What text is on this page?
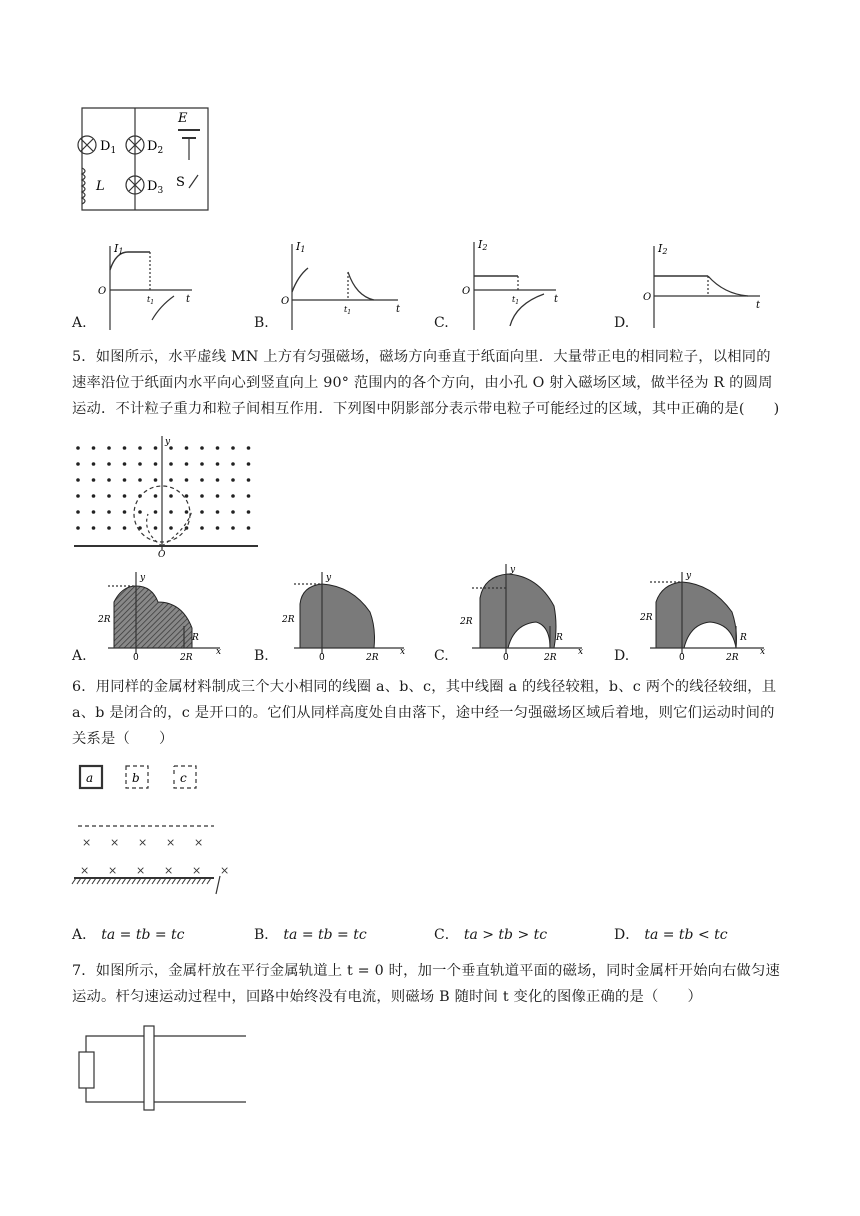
$D_1$ $D_2$
$D_3$
L
E
S
A.
I1
O
$t_1$	t
B.
I1
O
$t_1$	t
C.
I2
O
$t_1$	t
D.
I2
O
t

5．如图所示，水平虚线 MN 上方有匀强磁场，磁场方向垂直于纸面向里．大量带正电的相同粒子，以相同的

速率沿位于纸面内水平向心到竖直向上 90° 范围内的各个方向，由小孔 O 射入磁场区域，做半径为 R 的圆周

运动．不计粒子重力和粒子间相互作用．下列图中阴影部分表示带电粒子可能经过的区域，其中正确的是(　　)

y
O
A.
y
x
2R
R
0	2R	B.
y
x
2R
0	2R	C.
y
x
2R
R
0	2R	D.
y
x
2R
R
0	2R

6．用同样的金属材料制成三个大小相同的线圈 a、b、c，其中线圈 a 的线径较粗，b、c 两个的线径较细，且

a、b 是闭合的，c 是开口的。它们从同样高度处自由落下，途中经一匀强磁场区域后着地，则它们运动时间的

关系是（　　）

× × × × ×
× × × × × ×
a	b	c
A． ta = tb = tc	B． ta = tb = tc	C． ta > tb > tc	D． ta = tb < tc

7．如图所示，金属杆放在平行金属轨道上 t = 0 时，加一个垂直轨道平面的磁场，同时金属杆开始向右做匀速

运动。杆匀速运动过程中，回路中始终没有电流，则磁场 B 随时间 t 变化的图像正确的是（　　）
